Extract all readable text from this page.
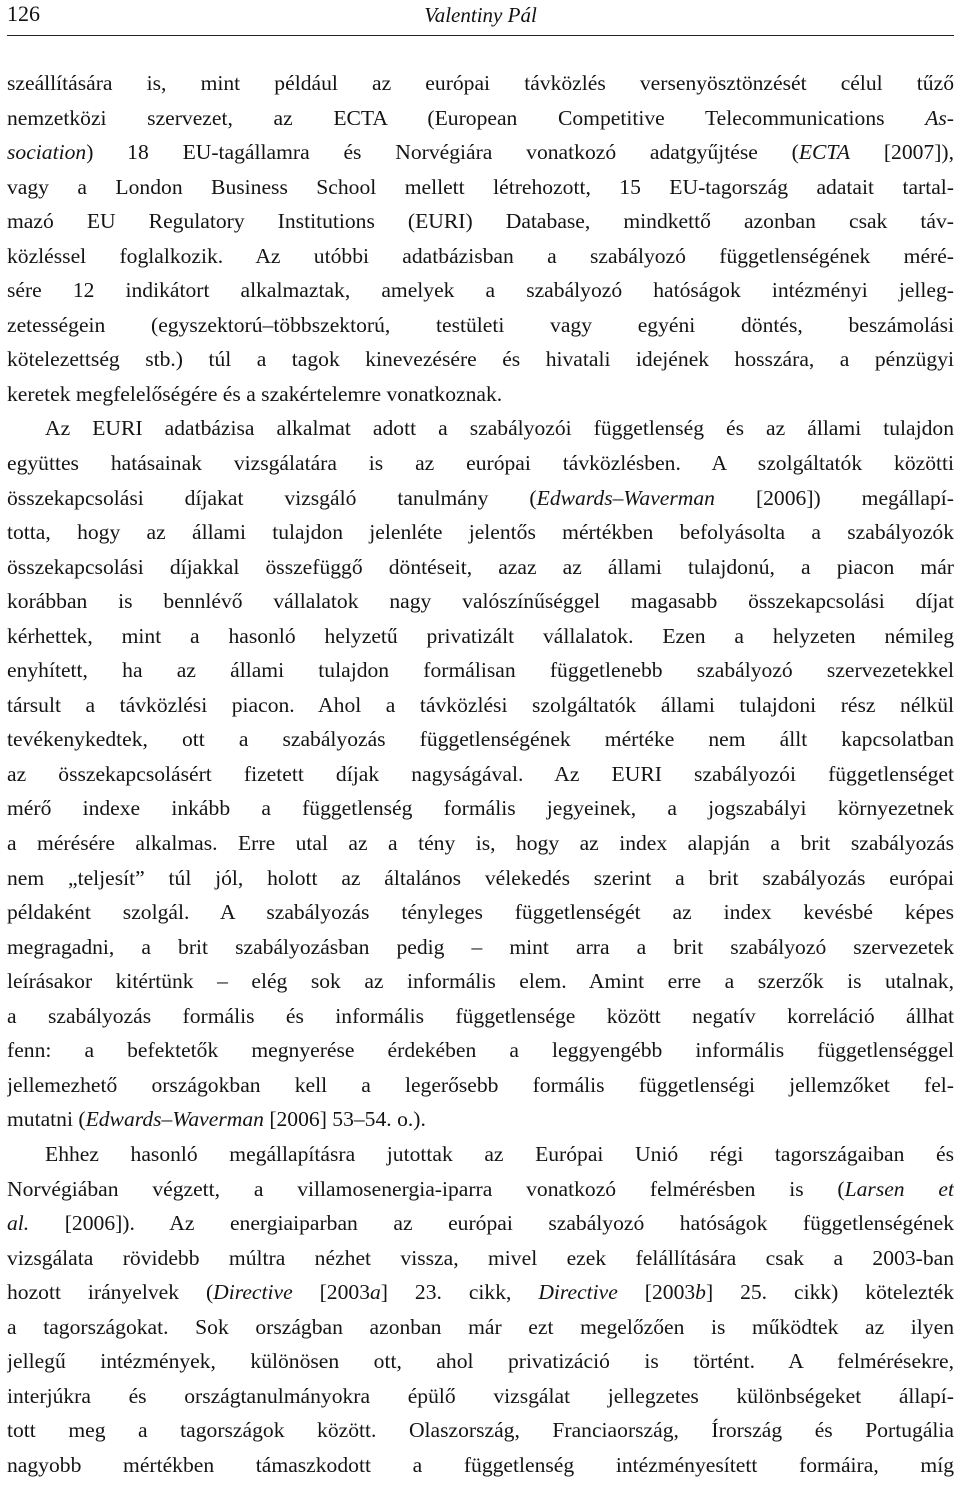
126	Valentiny Pál
szeállítására is, mint például az európai távközlés versenyösztönzését célul tűző
nemzetközi szervezet, az ECTA (European Competitive Telecommunications As-
sociation) 18 EU-tagállamra és Norvégiára vonatkozó adatgyűjtése (ECTA [2007]),
vagy a London Business School mellett létrehozott, 15 EU-tagország adatait tartal-
mazó EU Regulatory Institutions (EURI) Database, mindkettő azonban csak táv-
közléssel foglalkozik. Az utóbbi adatbázisban a szabályozó függetlenségének méré-
sére 12 indikátort alkalmaztak, amelyek a szabályozó hatóságok intézményi jelleg-
zetességein (egyszektorú–többszektorú, testületi vagy egyéni döntés, beszámolási
kötelezettség stb.) túl a tagok kinevezésére és hivatali idejének hosszára, a pénzügyi
keretek megfelelőségére és a szakértelemre vonatkoznak.
Az EURI adatbázisa alkalmat adott a szabályozói függetlenség és az állami tulajdon
együttes hatásainak vizsgálatára is az európai távközlésben. A szolgáltatók közötti
összekapcsolási díjakat vizsgáló tanulmány (Edwards–Waverman [2006]) megállapí-
totta, hogy az állami tulajdon jelenléte jelentős mértékben befolyásolta a szabályozók
összekapcsolási díjakkal összefüggő döntéseit, azaz az állami tulajdonú, a piacon már
korábban is bennlévő vállalatok nagy valószínűséggel magasabb összekapcsolási díjat
kérhettek, mint a hasonló helyzetű privatizált vállalatok. Ezen a helyzeten némileg
enyhített, ha az állami tulajdon formálisan függetlenebb szabályozó szervezetekkel
társult a távközlési piacon. Ahol a távközlési szolgáltatók állami tulajdoni rész nélkül
tevékenykedtek, ott a szabályozás függetlenségének mértéke nem állt kapcsolatban
az összekapcsolásért fizetett díjak nagyságával. Az EURI szabályozói függetlenséget
mérő indexe inkább a függetlenség formális jegyeinek, a jogszabályi környezetnek
a mérésére alkalmas. Erre utal az a tény is, hogy az index alapján a brit szabályozás
nem „teljesít” túl jól, holott az általános vélekedés szerint a brit szabályozás európai
példaként szolgál. A szabályozás tényleges függetlenségét az index kevésbé képes
megragadni, a brit szabályozásban pedig – mint arra a brit szabályozó szervezetek
leírásakor kitértünk – elég sok az informális elem. Amint erre a szerzők is utalnak,
a szabályozás formális és informális függetlensége között negatív korreláció állhat
fenn: a befektetők megnyerése érdekében a leggyengébb informális függetlenséggel
jellemezhető országokban kell a legerősebb formális függetlenségi jellemzőket fel-
mutatni (Edwards–Waverman [2006] 53–54. o.).
Ehhez hasonló megállapításra jutottak az Európai Unió régi tagországaiban és
Norvégiában végzett, a villamosenergia-iparra vonatkozó felmérésben is (Larsen et
al. [2006]). Az energiaiparban az európai szabályozó hatóságok függetlenségének
vizsgálata rövidebb múltra nézhet vissza, mivel ezek felállítására csak a 2003-ban
hozott irányelvek (Directive [2003a] 23. cikk, Directive [2003b] 25. cikk) kötelezték
a tagországokat. Sok országban azonban már ezt megelőzően is működtek az ilyen
jellegű intézmények, különösen ott, ahol privatizáció is történt. A felmérésekre,
interjúkra és országtanulmányokra épülő vizsgálat jellegzetes különbségeket állapí-
tott meg a tagországok között. Olaszország, Franciaország, Írország és Portugália
nagyobb mértékben támaszkodott a függetlenség intézményesített formáira, míg
